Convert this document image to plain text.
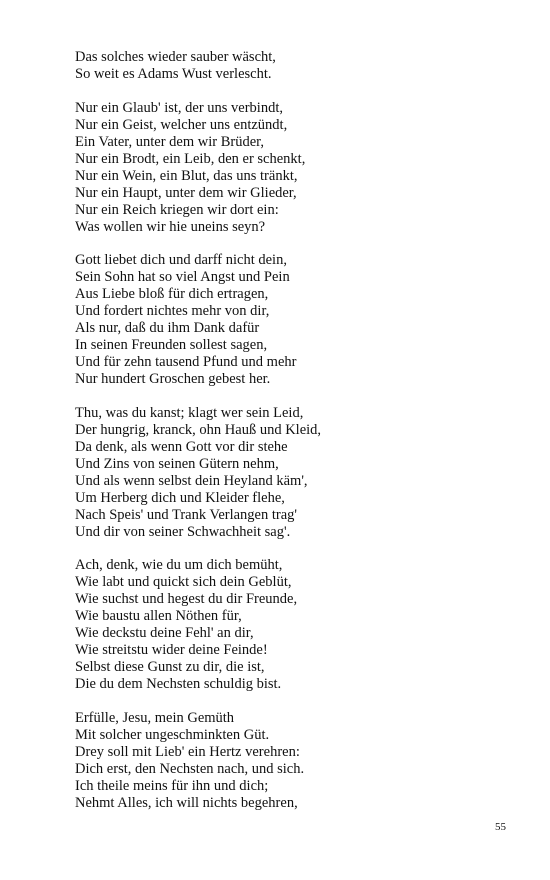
Das solches wieder sauber wäscht,
So weit es Adams Wust verlescht.
Nur ein Glaub' ist, der uns verbindt,
Nur ein Geist, welcher uns entzündt,
Ein Vater, unter dem wir Brüder,
Nur ein Brodt, ein Leib, den er schenkt,
Nur ein Wein, ein Blut, das uns tränkt,
Nur ein Haupt, unter dem wir Glieder,
Nur ein Reich kriegen wir dort ein:
Was wollen wir hie uneins seyn?
Gott liebet dich und darff nicht dein,
Sein Sohn hat so viel Angst und Pein
Aus Liebe bloß für dich ertragen,
Und fordert nichtes mehr von dir,
Als nur, daß du ihm Dank dafür
In seinen Freunden sollest sagen,
Und für zehn tausend Pfund und mehr
Nur hundert Groschen gebest her.
Thu, was du kanst; klagt wer sein Leid,
Der hungrig, kranck, ohn Hauß und Kleid,
Da denk, als wenn Gott vor dir stehe
Und Zins von seinen Gütern nehm,
Und als wenn selbst dein Heyland käm',
Um Herberg dich und Kleider flehe,
Nach Speis' und Trank Verlangen trag'
Und dir von seiner Schwachheit sag'.
Ach, denk, wie du um dich bemüht,
Wie labt und quickt sich dein Geblüt,
Wie suchst und hegest du dir Freunde,
Wie baustu allen Nöthen für,
Wie deckstu deine Fehl' an dir,
Wie streitstu wider deine Feinde!
Selbst diese Gunst zu dir, die ist,
Die du dem Nechsten schuldig bist.
Erfülle, Jesu, mein Gemüth
Mit solcher ungeschminkten Güt.
Drey soll mit Lieb' ein Hertz verehren:
Dich erst, den Nechsten nach, und sich.
Ich theile meins für ihn und dich;
Nehmt Alles, ich will nichts begehren,
55
